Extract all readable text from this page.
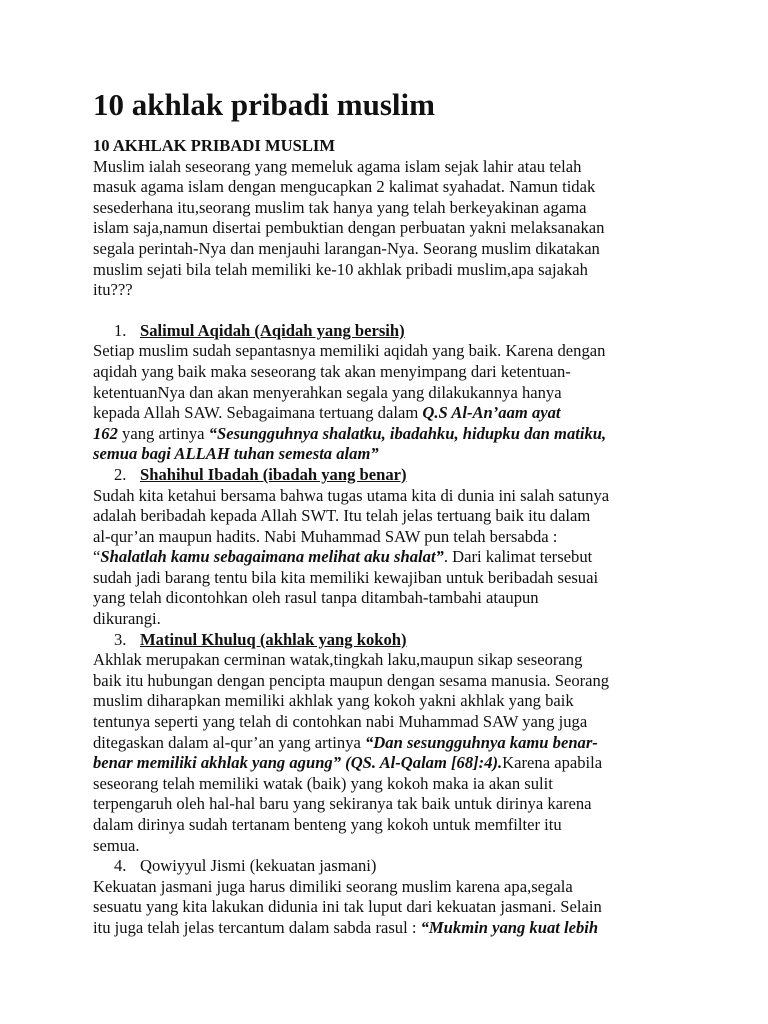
10 akhlak pribadi muslim

10 AKHLAK PRIBADI MUSLIM

Muslim ialah seseorang yang memeluk agama islam sejak lahir atau telah
masuk agama islam dengan mengucapkan 2 kalimat syahadat. Namun tidak
sesederhana itu,seorang muslim tak hanya yang telah berkeyakinan agama
islam saja,namun disertai pembuktian dengan perbuatan yakni melaksanakan
segala perintah-Nya dan menjauhi larangan-Nya. Seorang muslim dikatakan
muslim sejati bila telah memiliki ke-10 akhlak pribadi muslim,apa sajakah
itu???

1. Salimul Aqidah (Aqidah yang bersih)

Setiap muslim sudah sepantasnya memiliki aqidah yang baik. Karena dengan
aqidah yang baik maka seseorang tak akan menyimpang dari ketentuan-
ketentuanNya dan akan menyerahkan segala yang dilakukannya hanya
kepada Allah SAW. Sebagaimana tertuang dalam Q.S Al-An’aam ayat
162 yang artinya “Sesungguhnya shalatku, ibadahku, hidupku dan matiku,
semua bagi ALLAH tuhan semesta alam”

2. Shahihul Ibadah (ibadah yang benar)

Sudah kita ketahui bersama bahwa tugas utama kita di dunia ini salah satunya
adalah beribadah kepada Allah SWT. Itu telah jelas tertuang baik itu dalam
al-qur’an maupun hadits. Nabi Muhammad SAW pun telah bersabda :
“Shalatlah kamu sebagaimana melihat aku shalat”. Dari kalimat tersebut
sudah jadi barang tentu bila kita memiliki kewajiban untuk beribadah sesuai
yang telah dicontohkan oleh rasul tanpa ditambah-tambahi ataupun
dikurangi.

3. Matinul Khuluq (akhlak yang kokoh)

Akhlak merupakan cerminan watak,tingkah laku,maupun sikap seseorang
baik itu hubungan dengan pencipta maupun dengan sesama manusia. Seorang
muslim diharapkan memiliki akhlak yang kokoh yakni akhlak yang baik
tentunya seperti yang telah di contohkan nabi Muhammad SAW yang juga
ditegaskan dalam al-qur’an yang artinya “Dan sesungguhnya kamu benar-
benar memiliki akhlak yang agung” (QS. Al-Qalam [68]:4).Karena apabila
seseorang telah memiliki watak (baik) yang kokoh maka ia akan sulit
terpengaruh oleh hal-hal baru yang sekiranya tak baik untuk dirinya karena
dalam dirinya sudah tertanam benteng yang kokoh untuk memfilter itu
semua.

4. Qowiyyul Jismi (kekuatan jasmani)

Kekuatan jasmani juga harus dimiliki seorang muslim karena apa,segala
sesuatu yang kita lakukan didunia ini tak luput dari kekuatan jasmani. Selain
itu juga telah jelas tercantum dalam sabda rasul : “Mukmin yang kuat lebih
